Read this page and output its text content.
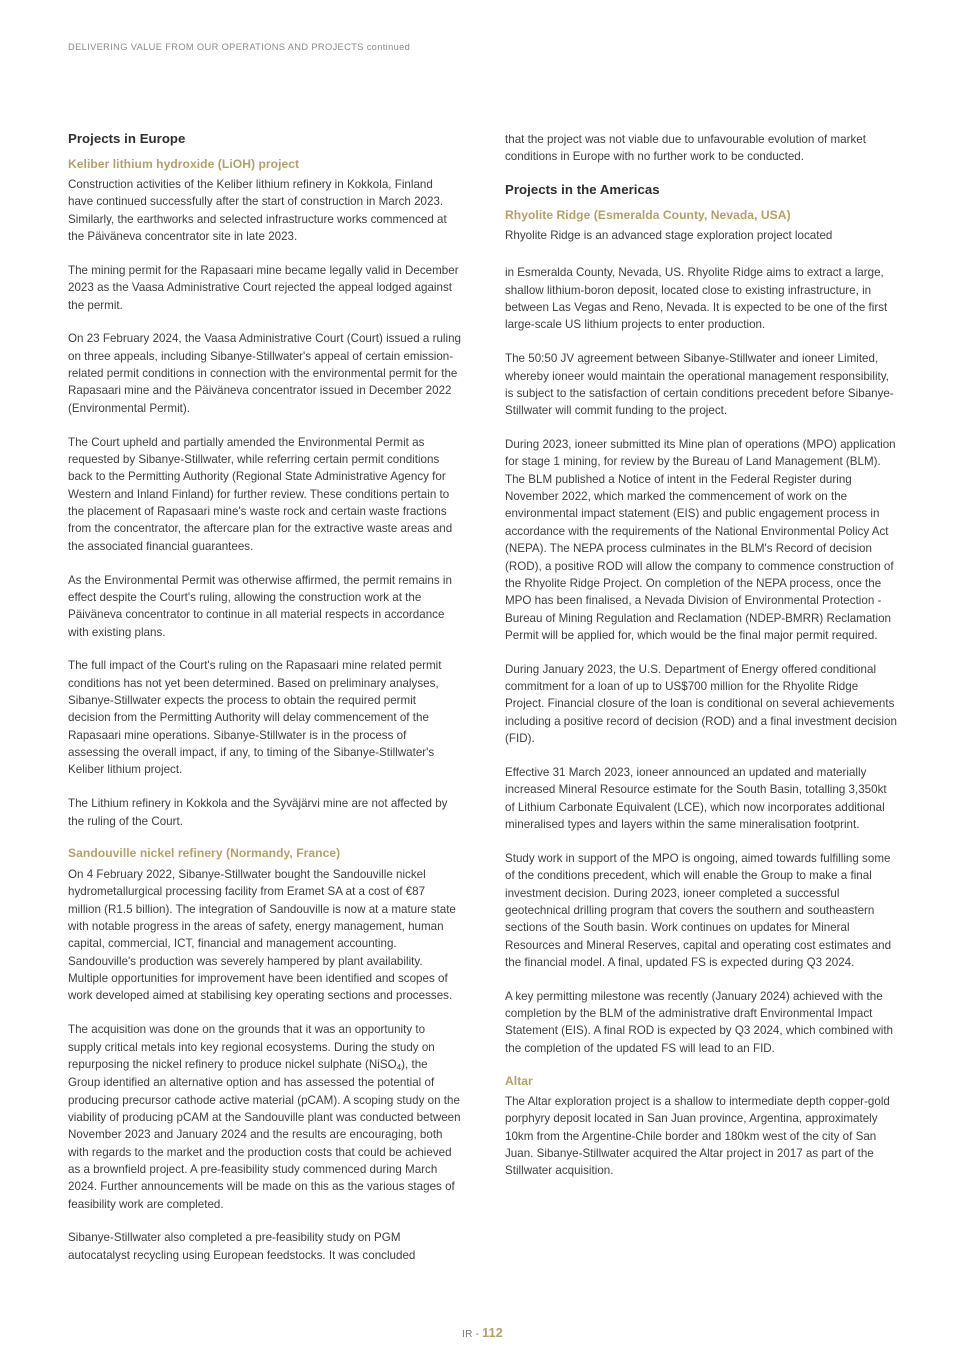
DELIVERING VALUE FROM OUR OPERATIONS AND PROJECTS continued
Projects in Europe
Keliber lithium hydroxide (LiOH) project

Construction activities of the Keliber lithium refinery in Kokkola, Finland have continued successfully after the start of construction in March 2023. Similarly, the earthworks and selected infrastructure works commenced at the Päiväneva concentrator site in late 2023.

The mining permit for the Rapasaari mine became legally valid in December 2023 as the Vaasa Administrative Court rejected the appeal lodged against the permit.

On 23 February 2024, the Vaasa Administrative Court (Court) issued a ruling on three appeals, including Sibanye-Stillwater's appeal of certain emission-related permit conditions in connection with the environmental permit for the Rapasaari mine and the Päiväneva concentrator issued in December 2022 (Environmental Permit).

The Court upheld and partially amended the Environmental Permit as requested by Sibanye-Stillwater, while referring certain permit conditions back to the Permitting Authority (Regional State Administrative Agency for Western and Inland Finland) for further review. These conditions pertain to the placement of Rapasaari mine's waste rock and certain waste fractions from the concentrator, the aftercare plan for the extractive waste areas and the associated financial guarantees.

As the Environmental Permit was otherwise affirmed, the permit remains in effect despite the Court's ruling, allowing the construction work at the Päiväneva concentrator to continue in all material respects in accordance with existing plans.

The full impact of the Court's ruling on the Rapasaari mine related permit conditions has not yet been determined. Based on preliminary analyses, Sibanye-Stillwater expects the process to obtain the required permit decision from the Permitting Authority will delay commencement of the Rapasaari mine operations. Sibanye-Stillwater is in the process of assessing the overall impact, if any, to timing of the Sibanye-Stillwater's Keliber lithium project.

The Lithium refinery in Kokkola and the Syväjärvi mine are not affected by the ruling of the Court.

Sandouville nickel refinery (Normandy, France)

On 4 February 2022, Sibanye-Stillwater bought the Sandouville nickel hydrometallurgical processing facility from Eramet SA at a cost of €87 million (R1.5 billion). The integration of Sandouville is now at a mature state with notable progress in the areas of safety, energy management, human capital, commercial, ICT, financial and management accounting. Sandouville's production was severely hampered by plant availability. Multiple opportunities for improvement have been identified and scopes of work developed aimed at stabilising key operating sections and processes.

The acquisition was done on the grounds that it was an opportunity to supply critical metals into key regional ecosystems. During the study on repurposing the nickel refinery to produce nickel sulphate (NiSO$_4$), the Group identified an alternative option and has assessed the potential of producing precursor cathode active material (pCAM). A scoping study on the viability of producing pCAM at the Sandouville plant was conducted between November 2023 and January 2024 and the results are encouraging, both with regards to the market and the production costs that could be achieved as a brownfield project. A pre-feasibility study commenced during March 2024. Further announcements will be made on this as the various stages of feasibility work are completed.

Sibanye-Stillwater also completed a pre-feasibility study on PGM autocatalyst recycling using European feedstocks. It was concluded

that the project was not viable due to unfavourable evolution of market conditions in Europe with no further work to be conducted.

Projects in the Americas
Rhyolite Ridge (Esmeralda County, Nevada, USA)

Rhyolite Ridge is an advanced stage exploration project located

in Esmeralda County, Nevada, US. Rhyolite Ridge aims to extract a large, shallow lithium-boron deposit, located close to existing infrastructure, in between Las Vegas and Reno, Nevada. It is expected to be one of the first large-scale US lithium projects to enter production.

The 50:50 JV agreement between Sibanye-Stillwater and ioneer Limited, whereby ioneer would maintain the operational management responsibility, is subject to the satisfaction of certain conditions precedent before Sibanye-Stillwater will commit funding to the project.

During 2023, ioneer submitted its Mine plan of operations (MPO) application for stage 1 mining, for review by the Bureau of Land Management (BLM). The BLM published a Notice of intent in the Federal Register during November 2022, which marked the commencement of work on the environmental impact statement (EIS) and public engagement process in accordance with the requirements of the National Environmental Policy Act (NEPA). The NEPA process culminates in the BLM's Record of decision (ROD), a positive ROD will allow the company to commence construction of the Rhyolite Ridge Project. On completion of the NEPA process, once the MPO has been finalised, a Nevada Division of Environmental Protection - Bureau of Mining Regulation and Reclamation (NDEP-BMRR) Reclamation Permit will be applied for, which would be the final major permit required.

During January 2023, the U.S. Department of Energy offered conditional commitment for a loan of up to US$700 million for the Rhyolite Ridge Project. Financial closure of the loan is conditional on several achievements including a positive record of decision (ROD) and a final investment decision (FID).

Effective 31 March 2023, ioneer announced an updated and materially increased Mineral Resource estimate for the South Basin, totalling 3,350kt of Lithium Carbonate Equivalent (LCE), which now incorporates additional mineralised types and layers within the same mineralisation footprint.

Study work in support of the MPO is ongoing, aimed towards fulfilling some of the conditions precedent, which will enable the Group to make a final investment decision. During 2023, ioneer completed a successful geotechnical drilling program that covers the southern and southeastern sections of the South basin. Work continues on updates for Mineral Resources and Mineral Reserves, capital and operating cost estimates and the financial model. A final, updated FS is expected during Q3 2024.

A key permitting milestone was recently (January 2024) achieved with the completion by the BLM of the administrative draft Environmental Impact Statement (EIS). A final ROD is expected by Q3 2024, which combined with the completion of the updated FS will lead to an FID.

Altar

The Altar exploration project is a shallow to intermediate depth copper-gold porphyry deposit located in San Juan province, Argentina, approximately 10km from the Argentine-Chile border and 180km west of the city of San Juan. Sibanye-Stillwater acquired the Altar project in 2017 as part of the Stillwater acquisition.

IR - 112
